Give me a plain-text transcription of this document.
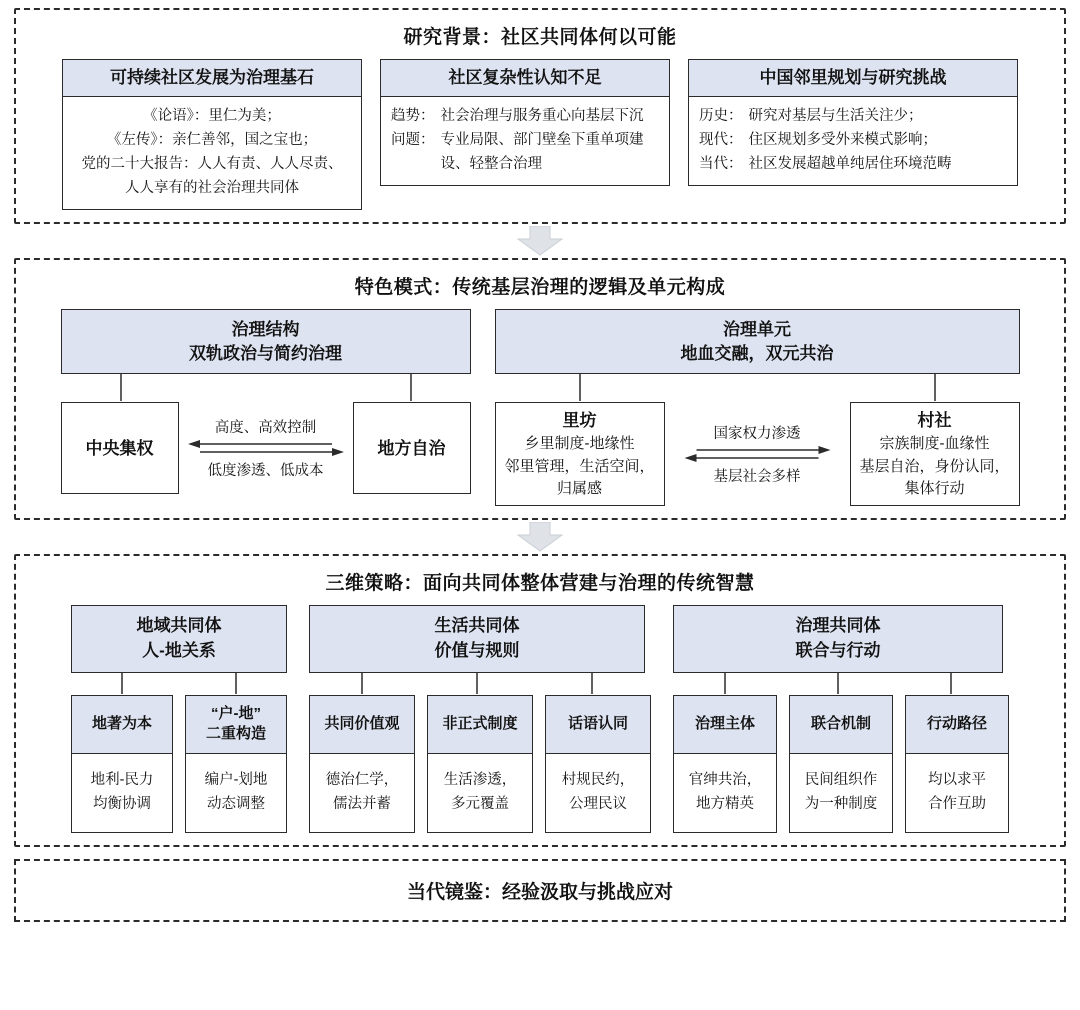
研究背景：社区共同体何以可能
可持续社区发展为治理基石
《论语》：里仁为美；
《左传》：亲仁善邻，国之宝也；
党的二十大报告：人人有责、人人尽责、
人人享有的社会治理共同体
社区复杂性认知不足
趋势： 社会治理与服务重心向基层下沉
问题： 专业局限、部门壁垒下重单项建设、轻整合治理
中国邻里规划与研究挑战
历史： 研究对基层与生活关注少；
现代： 住区规划多受外来模式影响；
当代： 社区发展超越单纯居住环境范畴
特色模式：传统基层治理的逻辑及单元构成
治理结构
双轨政治与简约治理
中央集权
高度、高效控制
低度渗透、低成本
地方自治
治理单元
地血交融，双元共治
里坊
乡里制度-地缘性
邻里管理，生活空间，
归属感
国家权力渗透
基层社会多样
村社
宗族制度-血缘性
基层自治，身份认同，
集体行动
三维策略：面向共同体整体营建与治理的传统智慧
地域共同体
人-地关系
地著为本
地利-民力
均衡协调
“户-地”
二重构造
编户-划地
动态调整
生活共同体
价值与规则
共同价值观
德治仁学，
儒法并蓄
非正式制度
生活渗透，
多元覆盖
话语认同
村规民约，
公理民议
治理共同体
联合与行动
治理主体
官绅共治，
地方精英
联合机制
民间组织作
为一种制度
行动路径
均以求平
合作互助
当代镜鉴：经验汲取与挑战应对
